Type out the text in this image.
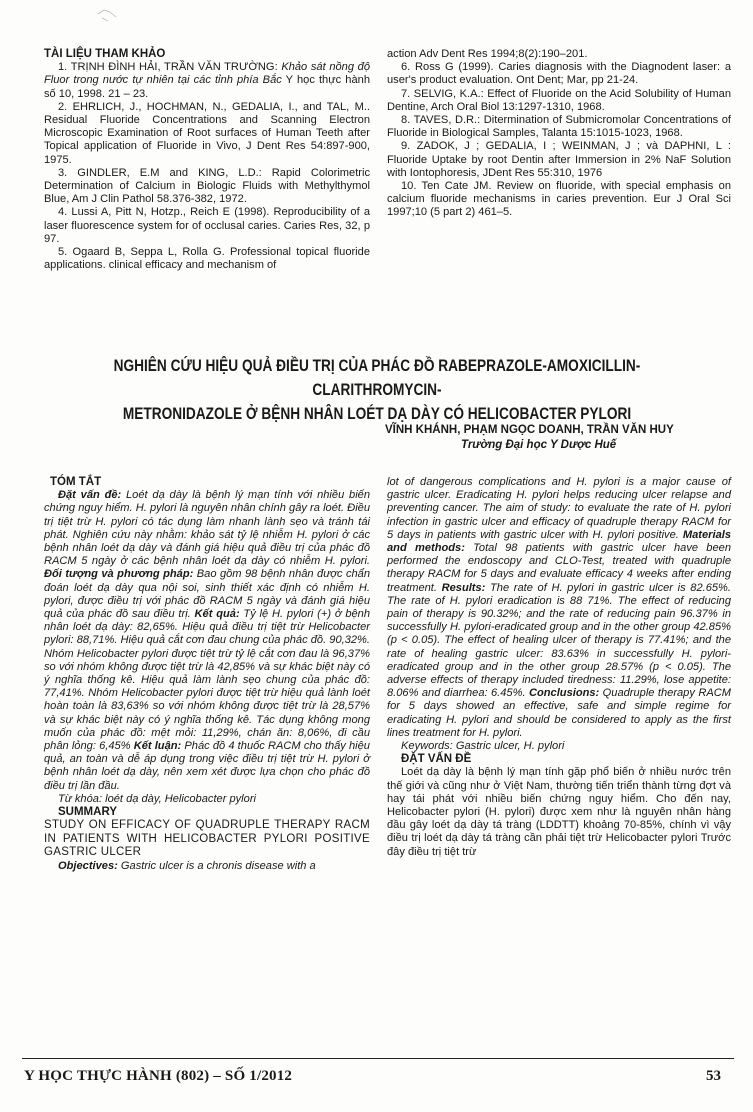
TÀI LIỆU THAM KHẢO

1. TRỊNH ĐÌNH HẢI, TRẦN VĂN TRƯỜNG: Khảo sát nồng độ Fluor trong nước tự nhiên tại các tỉnh phía Bắc Y học thực hành số 10, 1998. 21 – 23.

2. EHRLICH, J., HOCHMAN, N., GEDALIA, I., and TAL, M.. Residual Fluoride Concentrations and Scanning Electron Microscopic Examination of Root surfaces of Human Teeth after Topical application of Fluoride in Vivo, J Dent Res 54:897-900, 1975.

3. GINDLER, E.M and KING, L.D.: Rapid Colorimetric Determination of Calcium in Biologic Fluids with Methylthymol Blue, Am J Clin Pathol 58.376-382, 1972.

4. Lussi A, Pitt N, Hotzp., Reich E (1998). Reproducibility of a laser fluorescence system for of occlusal caries. Caries Res, 32, p 97.

5. Ogaard B, Seppa L, Rolla G. Professional topical fluoride applications. clinical efficacy and mechanism of

action Adv Dent Res 1994;8(2):190–201.

6. Ross G (1999). Caries diagnosis with the Diagnodent laser: a user's product evaluation. Ont Dent; Mar, pp 21-24.

7. SELVIG, K.A.: Effect of Fluoride on the Acid Solubility of Human Dentine, Arch Oral Biol 13:1297-1310, 1968.

8. TAVES, D.R.: Ditermination of Submicromolar Concentrations of Fluoride in Biological Samples, Talanta 15:1015-1023, 1968.

9. ZADOK, J ; GEDALIA, I ; WEINMAN, J ; và DAPHNI, L : Fluoride Uptake by root Dentin after Immersion in 2% NaF Solution with Iontophoresis, JDent Res 55:310, 1976

10. Ten Cate JM. Review on fluoride, with special emphasis on calcium fluoride mechanisms in caries prevention. Eur J Oral Sci 1997;10 (5 part 2) 461–5.

NGHIÊN CỨU HIỆU QUẢ ĐIỀU TRỊ CỦA PHÁC ĐỒ RABEPRAZOLE-AMOXICILLIN-CLARITHROMYCIN-
METRONIDAZOLE Ở BỆNH NHÂN LOÉT DẠ DÀY CÓ HELICOBACTER PYLORI
VĨNH KHÁNH, PHẠM NGỌC DOANH, TRẦN VĂN HUY
Trường Đại học Y Dược Huế

TÓM TẮT

Đặt vấn đề: Loét dạ dày là bệnh lý mạn tính với nhiều biến chứng nguy hiểm. H. pylori là nguyên nhân chính gây ra loét. Điều trị tiệt trừ H. pylori có tác dụng làm nhanh lành sẹo và tránh tái phát. Nghiên cứu này nhằm: khảo sát tỷ lệ nhiễm H. pylori ở các bệnh nhân loét dạ dày và đánh giá hiệu quả điều trị của phác đồ RACM 5 ngày ở các bệnh nhân loét dạ dày có nhiễm H. pylori. Đối tượng và phương pháp: Bao gồm 98 bệnh nhân được chẩn đoán loét dạ dày qua nội soi, sinh thiết xác định có nhiễm H. pylori, được điều trị với phác đồ RACM 5 ngày và đánh giá hiệu quả của phác đồ sau điều trị. Kết quả: Tỷ lệ H. pylori (+) ở bệnh nhân loét dạ dày: 82,65%. Hiệu quả điều trị tiệt trừ Helicobacter pylori: 88,71%. Hiệu quả cắt cơn đau chung của phác đồ. 90,32%. Nhóm Helicobacter pylori được tiệt trừ tỷ lệ cắt cơn đau là 96,37% so với nhóm không được tiệt trừ là 42,85% và sự khác biệt này có ý nghĩa thống kê. Hiệu quả làm lành sẹo chung của phác đồ: 77,41%. Nhóm Helicobacter pylori được tiệt trừ hiệu quả lành loét hoàn toàn là 83,63% so với nhóm không được tiệt trừ là 28,57% và sự khác biệt này có ý nghĩa thống kê. Tác dụng không mong muốn của phác đồ: mệt mỏi: 11,29%, chán ăn: 8,06%, đi cầu phân lỏng: 6,45% Kết luận: Phác đồ 4 thuốc RACM cho thấy hiệu quả, an toàn và dễ áp dụng trong việc điều trị tiệt trừ H. pylori ở bệnh nhân loét dạ dày, nên xem xét được lựa chọn cho phác đồ điều trị lần đầu.

Từ khóa: loét dạ dày, Helicobacter pylori

SUMMARY

STUDY ON EFFICACY OF QUADRUPLE THERAPY RACM IN PATIENTS WITH HELICOBACTER PYLORI POSITIVE GASTRIC ULCER

Objectives: Gastric ulcer is a chronis disease with a

lot of dangerous complications and H. pylori is a major cause of gastric ulcer. Eradicating H. pylori helps reducing ulcer relapse and preventing cancer. The aim of study: to evaluate the rate of H. pylori infection in gastric ulcer and efficacy of quadruple therapy RACM for 5 days in patients with gastric ulcer with H. pylori positive. Materials and methods: Total 98 patients with gastric ulcer have been performed the endoscopy and CLO-Test, treated with quadruple therapy RACM for 5 days and evaluate efficacy 4 weeks after ending treatment. Results: The rate of H. pylori in gastric ulcer is 82.65%. The rate of H. pylori eradication is 88 71%. The effect of reducing pain of therapy is 90.32%; and the rate of reducing pain 96.37% in successfully H. pylori-eradicated group and in the other group 42.85% (p < 0.05). The effect of healing ulcer of therapy is 77.41%; and the rate of healing gastric ulcer: 83.63% in successfully H. pylori-eradicated group and in the other group 28.57% (p < 0.05). The adverse effects of therapy included tiredness: 11.29%, lose appetite: 8.06% and diarrhea: 6.45%. Conclusions: Quadruple therapy RACM for 5 days showed an effective, safe and simple regime for eradicating H. pylori and should be considered to apply as the first lines treatment for H. pylori.

Keywords: Gastric ulcer, H. pylori

ĐẶT VẤN ĐỀ

Loét dạ dày là bệnh lý mạn tính gặp phổ biến ở nhiều nước trên thế giới và cũng như ở Việt Nam, thường tiến triển thành từng đợt và hay tái phát với nhiều biến chứng nguy hiểm. Cho đến nay, Helicobacter pylori (H. pylori) được xem như là nguyên nhân hàng đầu gây loét dạ dày tá tràng (LDDTT) khoảng 70-85%, chính vì vậy điều trị loét dạ dày tá tràng cần phải tiệt trừ Helicobacter pylori Trước đây điều trị tiệt trừ

Y HỌC THỰC HÀNH (802) – SỐ 1/2012	53
